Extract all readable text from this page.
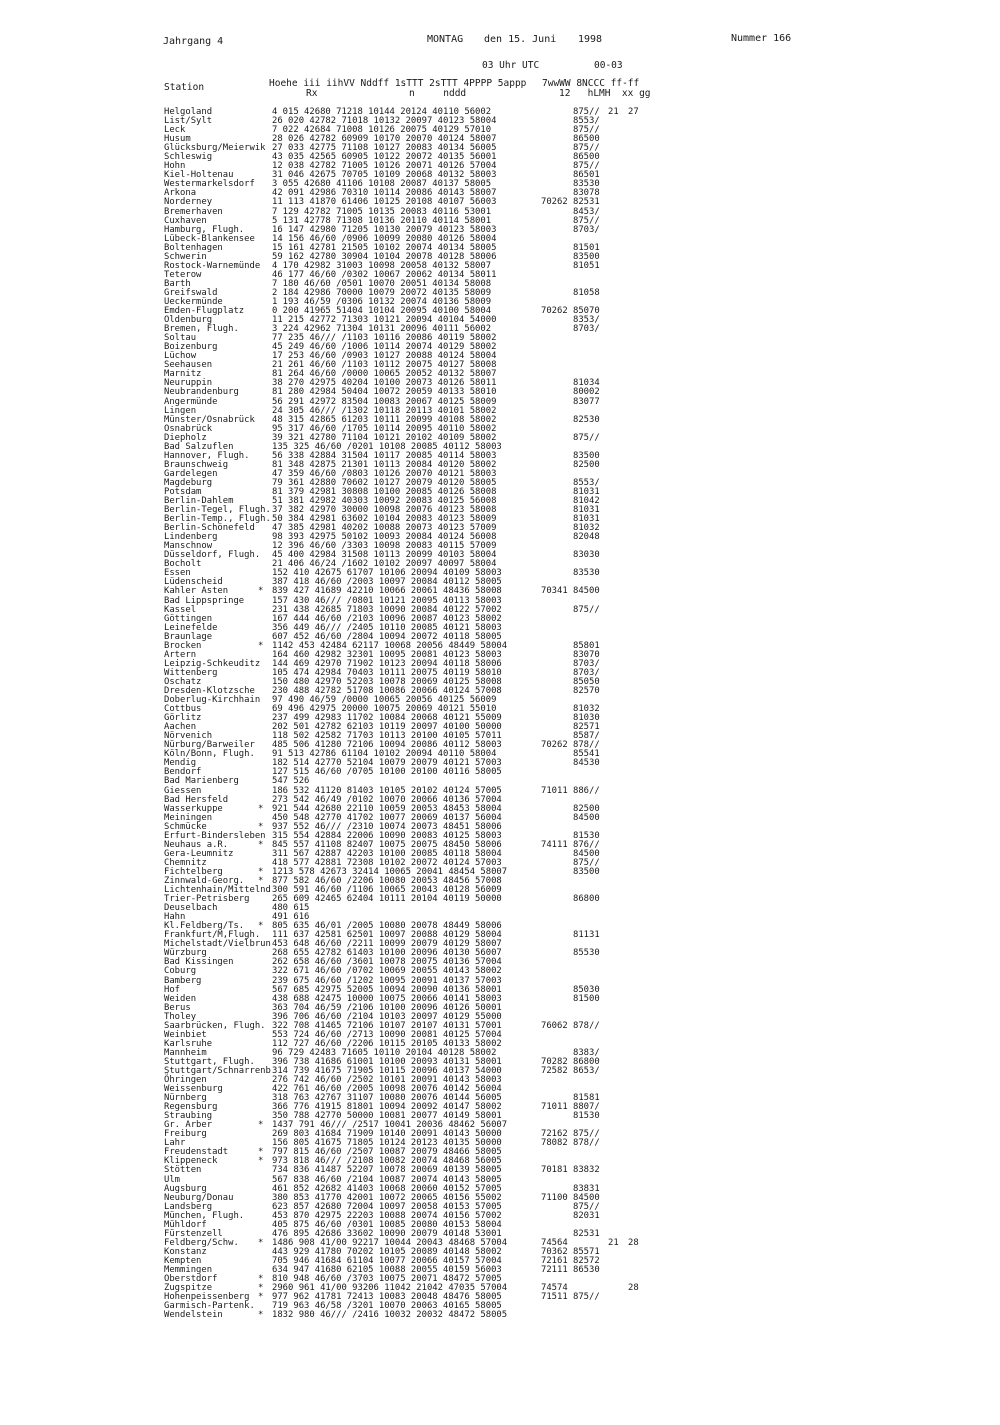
Jahrgang 4	MONTAG den 15. Juni 1998	Nummer 166
03 Uhr UTC	00-03
Station	Hoehe iii iihVV Nddff 1sTTT 2sTTT 4PPPP 5appp
Rx                n     nddd
7wwWW 8NCCC ff-ff
12   hLMH  xx gg
Helgoland	4 015 42680 71218 10144 20124 40110 56002	875// 21 27
List/Sylt	26 020 42782 71018 10132 20097 40123 58004	8553/
Leck	7 022 42684 71008 10126 20075 40129 57010	875//
Husum	28 026 42782 60909 10170 20070 40124 58007	86500
Glücksburg/Meierwik 27 033 42775 71108 10127 20083 40134 56005	875//
Schleswig	43 035 42565 60905 10122 20072 40135 56001	86500
Hohn	12 038 42782 71005 10126 20071 40126 57004	875//
Kiel-Holtenau	31 046 42675 70705 10109 20068 40132 58003	86501
Westermarkelsdorf 3 055 42680 41106 10108 20087 40137 58005	83530
Arkona	42 091 42986 70310 10114 20086 40143 58007	83078
Norderney	11 113 41870 61406 10125 20108 40107 56003	70262 82531
Bremerhaven	7 129 42782 71005 10135 20083 40116 53001	8453/
Cuxhaven	5 131 42778 71308 10136 20110 40114 58001	875//
Hamburg, Flugh.	16 147 42980 71205 10130 20079 40123 58003	8703/
Lübeck-Blankensee 14 156 46/60 /0906 10099 20080 40126 58004
Boltenhagen	15 161 42781 21505 10102 20074 40134 58005	81501
Schwerin	59 162 42780 30904 10104 20078 40128 58006	83500
Rostock-Warnemünde 4 170 42982 31003 10098 20058 40132 58007	81051
Teterow	46 177 46/60 /0302 10067 20062 40134 58011
Barth	7 180 46/60 /0501 10070 20051 40134 58008
Greifswald	2 184 42986 70000 10079 20072 40135 58009	81058
Ueckermünde	1 193 46/59 /0306 10132 20074 40136 58009
Emden-Flugplatz	0 200 41965 51404 10104 20095 40100 58004	70262 85070
Oldenburg	11 215 42772 71303 10121 20094 40104 54000	8353/
Bremen, Flugh.	3 224 42962 71304 10131 20096 40111 56002	8703/
Soltau	77 235 46/// /1103 10116 20086 40119 58002
Boizenburg	45 249 46/60 /1006 10114 20074 40129 58002
Lüchow	17 253 46/60 /0903 10127 20088 40124 58004
Seehausen	21 261 46/60 /1103 10112 20075 40127 58008
Marnitz	81 264 46/60 /0000 10065 20052 40132 58007
Neuruppin	38 270 42975 40204 10100 20073 40126 58011	81034
Neubrandenburg	81 280 42984 50404 10072 20059 40133 58010	80002
Angermünde	56 291 42972 83504 10083 20067 40125 58009	83077
Lingen	24 305 46/// /1302 10118 20113 40101 58002
Münster/Osnabrück 48 315 42865 61203 10111 20099 40108 58002	82530
Osnabrück	95 317 46/60 /1705 10114 20095 40110 58002
Diepholz	39 321 42780 71104 10121 20102 40109 58002	875//
Bad Salzuflen	135 325 46/60 /0201 10108 20085 40112 58003
Hannover, Flugh.	56 338 42884 31504 10117 20085 40114 58003	83500
Braunschweig	81 348 42875 21301 10113 20084 40120 58002	82500
Gardelegen	47 359 46/60 /0803 10126 20070 40121 58003
Magdeburg	79 361 42880 70602 10127 20079 40120 58005	8553/
Potsdam	81 379 42981 30808 10100 20085 40126 58008	81031
Berlin-Dahlem	51 381 42982 40303 10092 20083 40125 56008	81042
Berlin-Tegel, Flugh. 37 382 42970 30000 10098 20076 40123 58008	81031
Berlin-Temp., Flugh. 50 384 42981 63602 10104 20083 40123 58009	81031
Berlin-Schönefeld 47 385 42981 40202 10088 20073 40123 57009	81032
Lindenberg	98 393 42975 50102 10093 20084 40124 56008	82048
Manschnow	12 396 46/60 /3303 10098 20083 40115 57009
Düsseldorf, Flugh. 45 400 42984 31508 10113 20099 40103 58004	83030
Bocholt	21 406 46/24 /1602 10102 20097 40097 58004
Essen	152 410 42675 61707 10106 20094 40109 58003	83530
Lüdenscheid	387 418 46/60 /2003 10097 20084 40112 58005
Kahler Asten	* 839 427 41689 42210 10066 20061 48436 58008	70341 84500
Bad Lippspringe	157 430 46/// /0801 10121 20095 40113 58003
Kassel	231 438 42685 71803 10090 20084 40122 57002	875//
Göttingen	167 444 46/60 /2103 10096 20087 40123 58002
Leinefelde	356 449 46/// /2405 10110 20085 40121 58003
Braunlage	607 452 46/60 /2804 10094 20072 40118 58005
Brocken	* 1142 453 42484 62117 10068 20056 48449 58004	85801
Artern	164 460 42982 32301 10095 20081 40123 58003	83070
Leipzig-Schkeuditz 144 469 42970 71902 10123 20094 40118 58006	8703/
Wittenberg	105 474 42984 70403 10111 20075 40119 58010	8703/
Oschatz	150 480 42970 52203 10078 20069 40125 58008	85050
Dresden-Klotzsche 230 488 42782 51708 10086 20066 40124 57008	82570
Doberlug-Kirchhain 97 490 46/59 /0000 10065 20056 40125 56009
Cottbus	69 496 42975 20000 10075 20069 40121 55010	81032
Görlitz	237 499 42983 11702 10084 20068 40121 55009	81030
Aachen	202 501 42782 62103 10119 20097 40100 50000	82571
Nörvenich	118 502 42582 71703 10113 20100 40105 57011	8587/
Nürburg/Barweiler 485 506 41280 72106 10094 20086 40112 58003	70262 878//
Köln/Bonn, Flugh. 91 513 42786 61104 10102 20094 40110 58004	85541
Mendig	182 514 42770 52104 10079 20079 40121 57003	84530
Bendorf	127 515 46/60 /0705 10100 20100 40116 58005
Bad Marienberg	547 526
Giessen	186 532 41120 81403 10105 20102 40124 57005	71011 886//
Bad Hersfeld	273 542 46/49 /0102 10070 20066 40136 57004
Wasserkuppe	* 921 544 42680 22110 10059 20053 48453 58004	82500
Meiningen	450 548 42770 41702 10077 20069 40137 56004	84500
Schmücke	* 937 552 46/// /2310 10074 20073 48451 58006
Erfurt-Bindersleben 315 554 42884 22006 10090 20083 40125 58003	81530
Neuhaus a.R.	* 845 557 41108 82407 10075 20075 48450 58006	74111 876//
Gera-Leumnitz	311 567 42887 42203 10100 20085 40118 58004	84500
Chemnitz	418 577 42881 72308 10102 20072 40124 57003	875//
Fichtelberg	* 1213 578 42673 32414 10065 20041 48454 58007	83500
Zinnwald-Georg. * 877 582 46/60 /2206 10080 20053 48456 57008
Lichtenhain/Mittelnd 300 591 46/60 /1106 10065 20043 40128 56009
Trier-Petrisberg	265 609 42465 62404 10111 20104 40119 50000	86800
Deuselbach	480 615
Hahn	491 616
Kl.Feldberg/Ts. * 805 635 46/01 /2005 10080 20078 48449 58006
Frankfurt/M,Flugh. 111 637 42581 62501 10097 20088 40129 58004	81131
Michelstadt/Vielbrun 453 648 46/60 /2211 10099 20079 40129 58007
Würzburg	268 655 42782 61403 10100 20096 40130 56007	85530
Bad Kissingen	262 658 46/60 /3601 10078 20075 40136 57004
Coburg	322 671 46/60 /0702 10069 20055 40143 58002
Bamberg	239 675 46/60 /1202 10095 20091 40137 57003
Hof	567 685 42975 52005 10094 20090 40136 58001	85030
Weiden	438 688 42475 10000 10075 20066 40141 58003	81500
Berus	363 704 46/59 /2106 10100 20096 40126 50001
Tholey	396 706 46/60 /2104 10103 20097 40129 55000
Saarbrücken, Flugh. 322 708 41465 72106 10107 20107 40131 57001	76062 878//
Weinbiet	553 724 46/60 /2713 10090 20081 40125 57004
Karlsruhe	112 727 46/60 /2206 10115 20105 40133 58002
Mannheim	96 729 42483 71605 10110 20104 40128 58002	8383/
Stuttgart, Flugh. 396 738 41686 61001 10100 20093 40131 58001	70282 86800
Stuttgart/Schnarrenb 314 739 41675 71905 10115 20096 40137 54000	72582 8653/
Öhringen	276 742 46/60 /2502 10101 20091 40143 58003
Weissenburg	422 761 46/60 /2005 10098 20076 40142 56004
Nürnberg	318 763 42767 31107 10080 20076 40144 56005	81581
Regensburg	366 776 41915 81801 10094 20092 40147 58002	71011 8807/
Straubing	350 788 42770 50000 10081 20077 40149 58001	81530
Gr. Arber	* 1437 791 46/// /2517 10041 20036 48462 56007
Freiburg	269 803 41684 71909 10140 20091 40143 50000	72162 875//
Lahr	156 805 41675 71805 10124 20123 40135 50000	78082 878//
Freudenstadt	* 797 815 46/60 /2507 10087 20079 48466 58005
Klippeneck	* 973 818 46/// /2108 10082 20074 48468 56005
Stötten	734 836 41487 52207 10078 20069 40139 58005	70181 83832
Ulm	567 838 46/60 /2104 10087 20074 40143 58005
Augsburg	461 852 42682 41403 10068 20060 40152 57005	83831
Neuburg/Donau	380 853 41770 42001 10072 20065 40156 55002	71100 84500
Landsberg	623 857 42680 72004 10097 20058 40153 57005	875//
München, Flugh.	453 870 42975 22203 10088 20074 40156 57002	82031
Mühldorf	405 875 46/60 /0301 10085 20080 40153 58004
Fürstenzell	476 895 42686 33602 10090 20079 40148 53001	82531
Feldberg/Schw. * 1486 908 41/00 92217 10044 20043 48468 57004	74564	21 28
Konstanz	443 929 41780 70202 10105 20089 40148 58002	70362 85571
Kempten	705 946 41684 61104 10077 20066 40157 57004	72161 82572
Memmingen	634 947 41680 62105 10088 20055 40159 56003	72111 86530
Oberstdorf	* 810 948 46/60 /3703 10075 20071 48472 57005
Zugspitze	* 2960 961 41/00 93206 11042 21042 47035 57004	74574	28
Hohenpeissenberg * 977 962 41781 72413 10083 20048 48476 58005	71511 875//
Garmisch-Partenk. 719 963 46/58 /3201 10070 20063 40165 58005
Wendelstein	* 1832 980 46/// /2416 10032 20032 48472 58005
